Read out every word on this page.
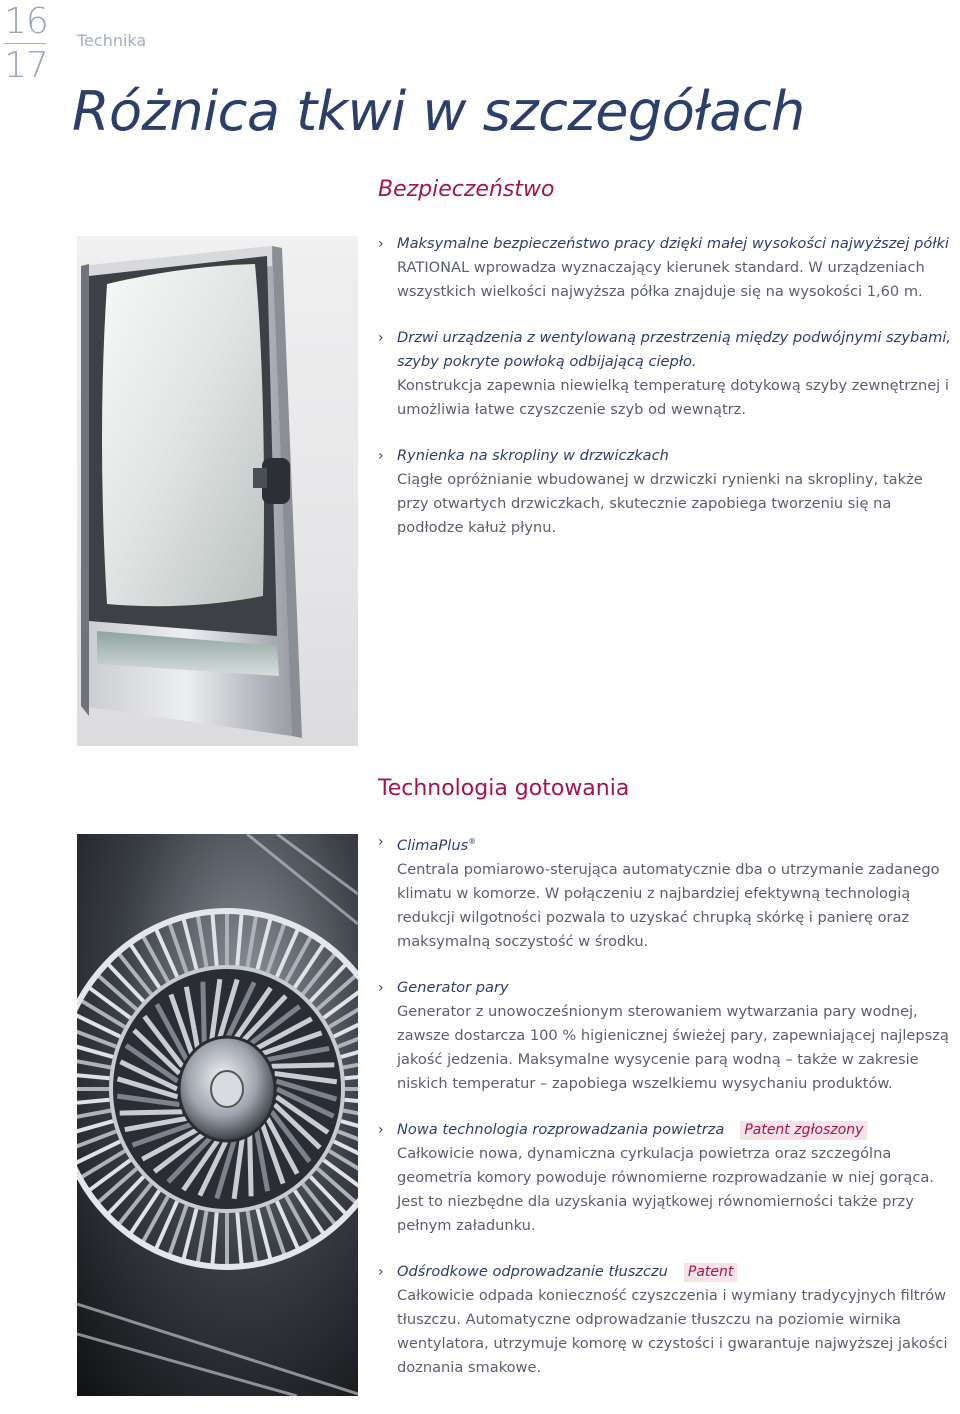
16
17
Technika
Różnica tkwi w szczegółach
Bezpieczeństwo
› Maksymalne bezpieczeństwo pracy dzięki małej wysokości najwyższej półki RATIONAL wprowadza wyznaczający kierunek standard. W urządzeniach wszystkich wielkości najwyższa półka znajduje się na wysokości 1,60 m.
› Drzwi urządzenia z wentylowaną przestrzenią między podwójnymi szybami, szyby pokryte powłoką odbijającą ciepło.
Konstrukcja zapewnia niewielką temperaturę dotykową szyby zewnętrznej i umożliwia łatwe czyszczenie szyb od wewnątrz.
› Rynienka na skropliny w drzwiczkach
Ciągłe opróżnianie wbudowanej w drzwiczki rynienki na skropliny, także przy otwartych drzwiczkach, skutecznie zapobiega tworzeniu się na podłodze kałuż płynu.
Technologia gotowania
› ClimaPlus®
Centrala pomiarowo-sterująca automatycznie dba o utrzymanie zadanego klimatu w komorze. W połączeniu z najbardziej efektywną technologią redukcji wilgotności pozwala to uzyskać chrupką skórkę i panierę oraz maksymalną soczystość w środku.
› Generator pary
Generator z unowocześnionym sterowaniem wytwarzania pary wodnej, zawsze dostarcza 100 % higienicznej świeżej pary, zapewniającej najlepszą jakość jedzenia. Maksymalne wysycenie parą wodną – także w zakresie niskich temperatur – zapobiega wszelkiemu wysychaniu produktów.
› Nowa technologia rozprowadzania powietrza Patent zgłoszony
Całkowicie nowa, dynamiczna cyrkulacja powietrza oraz szczególna geometria komory powoduje równomierne rozprowadzanie w niej gorąca. Jest to niezbędne dla uzyskania wyjątkowej równomierności także przy pełnym załadunku.
› Odśrodkowe odprowadzanie tłuszczu Patent
Całkowicie odpada konieczność czyszczenia i wymiany tradycyjnych filtrów tłuszczu. Automatyczne odprowadzanie tłuszczu na poziomie wirnika wentylatora, utrzymuje komorę w czystości i gwarantuje najwyższej jakości doznania smakowe.
